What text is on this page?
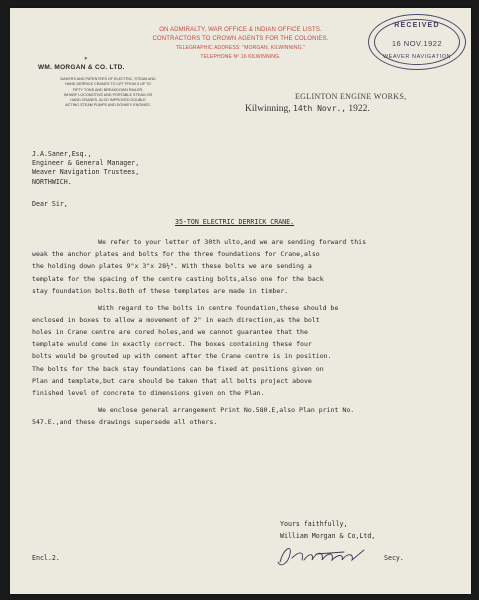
ON ADMIRALTY, WAR OFFICE & INDIAN OFFICE LISTS.
CONTRACTORS TO CROWN AGENTS FOR THE COLONIES.
TELEGRAPHIC ADDRESS: "MORGAN, KILWINNING."
TELEPHONE Nº 16 KILWINNING.
✶
WM. MORGAN & CO. LTD.
MAKERS AND PATENTEES OF ELECTRIC, STEAM AND
HAND DERRICK CRANES TO LIFT FROM 5 UP TO
FIFTY TONS AND BREAKDOWN RAILER,
WHARF LOCOMOTIVE AND PORTABLE STEAM OR
HAND CRANES, ALSO IMPROVED DOUBLE
ACTING STEAM PUMPS AND DONKEY ENGINES.
RECEIVED
16 NOV.1922
WEAVER NAVIGATION
EGLINTON ENGINE WORKS,
Kilwinning, 14th Novr., 1922.
J.A.Saner,Esq.,
Engineer & General Manager,
Weaver Navigation Trustees,
NORTHWICH.
Dear Sir,
35-TON ELECTRIC DERRICK CRANE.

We refer to your letter of 30th ulto,and we are sending forward this
weak the anchor plates and bolts for the three foundations for Crane,also
the holding down plates 9"x 3"x 28½". With these bolts we are sending a
template for the spacing of the centre casting bolts,also one for the back
stay foundation bolts.Both of these templates are made in timber.

With regard to the bolts in centre foundation,these should be
enclosed in boxes to allow a movement of 2" in each direction,as the bolt
holes in Crane centre are cored holes,and we cannot guarantee that the
template would come in exactly correct. The boxes containing these four
bolts would be grouted up with cement after the Crane centre is in position.
The bolts for the back stay foundations can be fixed at positions given on
Plan and template,but care should be taken that all bolts project above
finished level of concrete to dimensions given on the Plan.

We enclose general arrangement Print No.580.E,also Plan print No.
547.E.,and these drawings supersede all others.

Yours faithfully,
William Morgan & Co,Ltd,
Secy.
Encl.2.
